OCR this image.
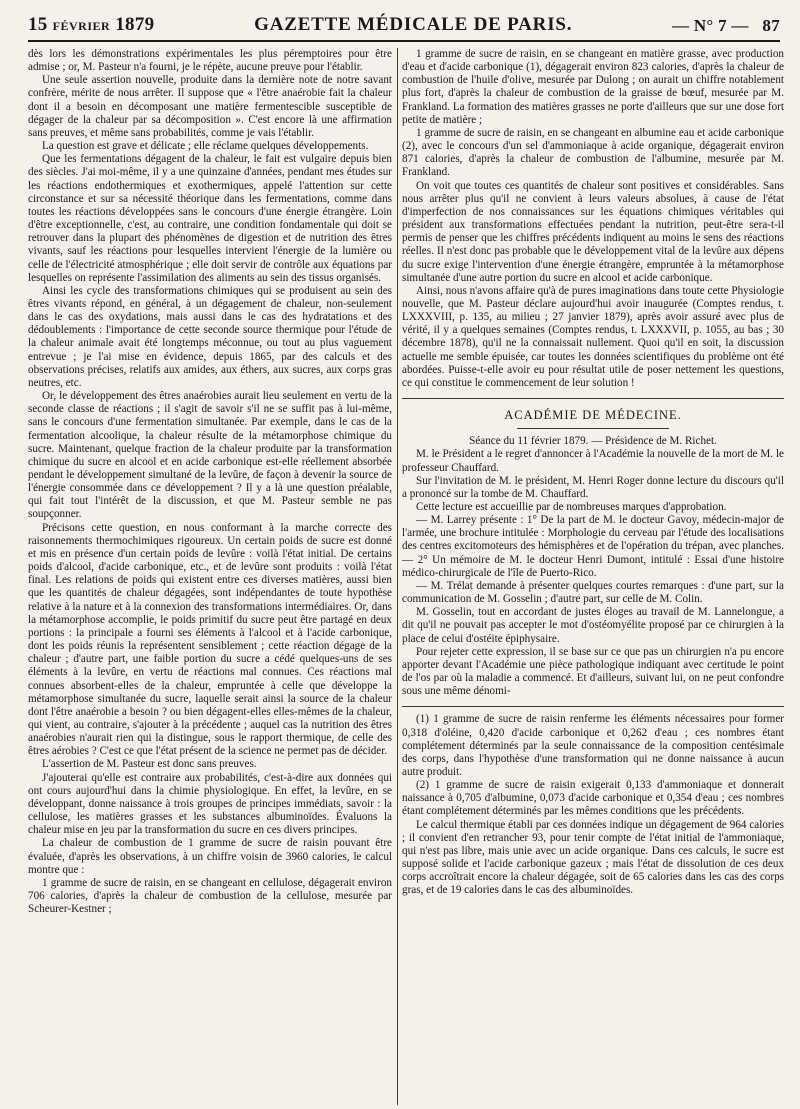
15 FÉVRIER 1879	GAZETTE MÉDICALE DE PARIS.	— N° 7 — 87

dès lors les démonstrations expérimentales les plus péremptoires pour être admise ; or, M. Pasteur n'a fourni, je le répète, aucune preuve pour l'établir.

Une seule assertion nouvelle, produite dans la dernière note de notre savant confrère, mérite de nous arrêter. Il suppose que « l'être anaérobie fait la chaleur dont il a besoin en décomposant une matière fermentescible susceptible de dégager de la chaleur par sa décomposition ». C'est encore là une affirmation sans preuves, et même sans probabilités, comme je vais l'établir.

La question est grave et délicate ; elle réclame quelques développements.

Que les fermentations dégagent de la chaleur, le fait est vulgaire depuis bien des siècles. J'ai moi-même, il y a une quinzaine d'années, pendant mes études sur les réactions endothermiques et exothermiques, appelé l'attention sur cette circonstance et sur sa nécessité théorique dans les fermentations, comme dans toutes les réactions développées sans le concours d'une énergie étrangère. Loin d'être exceptionnelle, c'est, au contraire, une condition fondamentale qui doit se retrouver dans la plupart des phénomènes de digestion et de nutrition des êtres vivants, sauf les réactions pour lesquelles intervient l'énergie de la lumière ou celle de l'électricité atmosphérique ; elle doit servir de contrôle aux équations par lesquelles on représente l'assimilation des aliments au sein des tissus organisés.

Ainsi les cycle des transformations chimiques qui se produisent au sein des êtres vivants répond, en général, à un dégagement de chaleur, non-seulement dans le cas des oxydations, mais aussi dans le cas des hydratations et des dédoublements : l'importance de cette seconde source thermique pour l'étude de la chaleur animale avait été longtemps méconnue, ou tout au plus vaguement entrevue ; je l'ai mise en évidence, depuis 1865, par des calculs et des observations précises, relatifs aux amides, aux éthers, aux sucres, aux corps gras neutres, etc.

Or, le développement des êtres anaérobies aurait lieu seulement en vertu de la seconde classe de réactions ; il s'agit de savoir s'il ne se suffit pas à lui-même, sans le concours d'une fermentation simultanée. Par exemple, dans le cas de la fermentation alcoolique, la chaleur résulte de la métamorphose chimique du sucre. Maintenant, quelque fraction de la chaleur produite par la transformation chimique du sucre en alcool et en acide carbonique est-elle réellement absorbée pendant le développement simultané de la levûre, de façon à devenir la source de l'énergie consommée dans ce développement ? Il y a là une question préalable, qui fait tout l'intérêt de la discussion, et que M. Pasteur semble ne pas soupçonner.

Précisons cette question, en nous conformant à la marche correcte des raisonnements thermochimiques rigoureux. Un certain poids de sucre est donné et mis en présence d'un certain poids de levûre : voilà l'état initial. De certains poids d'alcool, d'acide carbonique, etc., et de levûre sont produits : voilà l'état final. Les relations de poids qui existent entre ces diverses matières, aussi bien que les quantités de chaleur dégagées, sont indépendantes de toute hypothèse relative à la nature et à la connexion des transformations intermédiaires. Or, dans la métamorphose accomplie, le poids primitif du sucre peut être partagé en deux portions : la principale a fourni ses éléments à l'alcool et à l'acide carbonique, dont les poids réunis la représentent sensiblement ; cette réaction dégage de la chaleur ; d'autre part, une faible portion du sucre a cédé quelques-uns de ses éléments à la levûre, en vertu de réactions mal connues. Ces réactions mal connues absorbent-elles de la chaleur, empruntée à celle que développe la métamorphose simultanée du sucre, laquelle serait ainsi la source de la chaleur dont l'être anaérobie a besoin ? ou bien dégagent-elles elles-mêmes de la chaleur, qui vient, au contraire, s'ajouter à la précédente ; auquel cas la nutrition des êtres anaérobies n'aurait rien qui la distingue, sous le rapport thermique, de celle des êtres aérobies ? C'est ce que l'état présent de la science ne permet pas de décider.

L'assertion de M. Pasteur est donc sans preuves.

J'ajouterai qu'elle est contraire aux probabilités, c'est-à-dire aux données qui ont cours aujourd'hui dans la chimie physiologique. En effet, la levûre, en se développant, donne naissance à trois groupes de principes immédiats, savoir : la cellulose, les matières grasses et les substances albuminoïdes. Évaluons la chaleur mise en jeu par la transformation du sucre en ces divers principes.

La chaleur de combustion de 1 gramme de sucre de raisin pouvant être évaluée, d'après les observations, à un chiffre voisin de 3960 calories, le calcul montre que :

1 gramme de sucre de raisin, en se changeant en cellulose, dégagerait environ 706 calories, d'après la chaleur de combustion de la cellulose, mesurée par Scheurer-Kestner ;

1 gramme de sucre de raisin, en se changeant en matière grasse, avec production d'eau et d'acide carbonique (1), dégagerait environ 823 calories, d'après la chaleur de combustion de l'huile d'olive, mesurée par Dulong ; on aurait un chiffre notablement plus fort, d'après la chaleur de combustion de la graisse de bœuf, mesurée par M. Frankland. La formation des matières grasses ne porte d'ailleurs que sur une dose fort petite de matière ;

1 gramme de sucre de raisin, en se changeant en albumine eau et acide carbonique (2), avec le concours d'un sel d'ammoniaque à acide organique, dégagerait environ 871 calories, d'après la chaleur de combustion de l'albumine, mesurée par M. Frankland.

On voit que toutes ces quantités de chaleur sont positives et considérables. Sans nous arrêter plus qu'il ne convient à leurs valeurs absolues, à cause de l'état d'imperfection de nos connaissances sur les équations chimiques véritables qui président aux transformations effectuées pendant la nutrition, peut-être sera-t-il permis de penser que les chiffres précédents indiquent au moins le sens des réactions réelles. Il n'est donc pas probable que le développement vital de la levûre aux dépens du sucre exige l'intervention d'une énergie étrangère, empruntée à la métamorphose simultanée d'une autre portion du sucre en alcool et acide carbonique.

Ainsi, nous n'avons affaire qu'à de pures imaginations dans toute cette Physiologie nouvelle, que M. Pasteur déclare aujourd'hui avoir inaugurée (Comptes rendus, t. LXXXVIII, p. 135, au milieu ; 27 janvier 1879), après avoir assuré avec plus de vérité, il y a quelques semaines (Comptes rendus, t. LXXXVII, p. 1055, au bas ; 30 décembre 1878), qu'il ne la connaissait nullement. Quoi qu'il en soit, la discussion actuelle me semble épuisée, car toutes les données scientifiques du problème ont été abordées. Puisse-t-elle avoir eu pour résultat utile de poser nettement les questions, ce qui constitue le commencement de leur solution !

ACADÉMIE DE MÉDECINE.

Séance du 11 février 1879. — Présidence de M. Richet.

M. le Président a le regret d'annoncer à l'Académie la nouvelle de la mort de M. le professeur Chauffard.

Sur l'invitation de M. le président, M. Henri Roger donne lecture du discours qu'il a prononcé sur la tombe de M. Chauffard.

Cette lecture est accueillie par de nombreuses marques d'approbation.

— M. Larrey présente : 1° De la part de M. le docteur Gavoy, médecin-major de l'armée, une brochure intitulée : Morphologie du cerveau par l'étude des localisations des centres excitomoteurs des hémisphères et de l'opération du trépan, avec planches. — 2° Un mémoire de M. le docteur Henri Dumont, intitulé : Essai d'une histoire médico-chirurgicale de l'île de Puerto-Rico.

— M. Trélat demande à présenter quelques courtes remarques : d'une part, sur la communication de M. Gosselin ; d'autre part, sur celle de M. Colin.

M. Gosselin, tout en accordant de justes éloges au travail de M. Lannelongue, a dit qu'il ne pouvait pas accepter le mot d'ostéomyélite proposé par ce chirurgien à la place de celui d'ostéite épiphysaire.

Pour rejeter cette expression, il se base sur ce que pas un chirurgien n'a pu encore apporter devant l'Académie une pièce pathologique indiquant avec certitude le point de l'os par où la maladie a commencé. Et d'ailleurs, suivant lui, on ne peut confondre sous une même dénomi-

(1) 1 gramme de sucre de raisin renferme les éléments nécessaires pour former 0,318 d'oléine, 0,420 d'acide carbonique et 0,262 d'eau ; ces nombres étant complétement déterminés par la seule connaissance de la composition centésimale des corps, dans l'hypothèse d'une transformation qui ne donne naissance à aucun autre produit.

(2) 1 gramme de sucre de raisin exigerait 0,133 d'ammoniaque et donnerait naissance à 0,705 d'albumine, 0,073 d'acide carbonique et 0,354 d'eau ; ces nombres étant complétement déterminés par les mêmes conditions que les précédents.

Le calcul thermique établi par ces données indique un dégagement de 964 calories ; il convient d'en retrancher 93, pour tenir compte de l'état initial de l'ammoniaque, qui n'est pas libre, mais unie avec un acide organique. Dans ces calculs, le sucre est supposé solide et l'acide carbonique gazeux ; mais l'état de dissolution de ces deux corps accroîtrait encore la chaleur dégagée, soit de 65 calories dans les cas des corps gras, et de 19 calories dans le cas des albuminoïdes.
